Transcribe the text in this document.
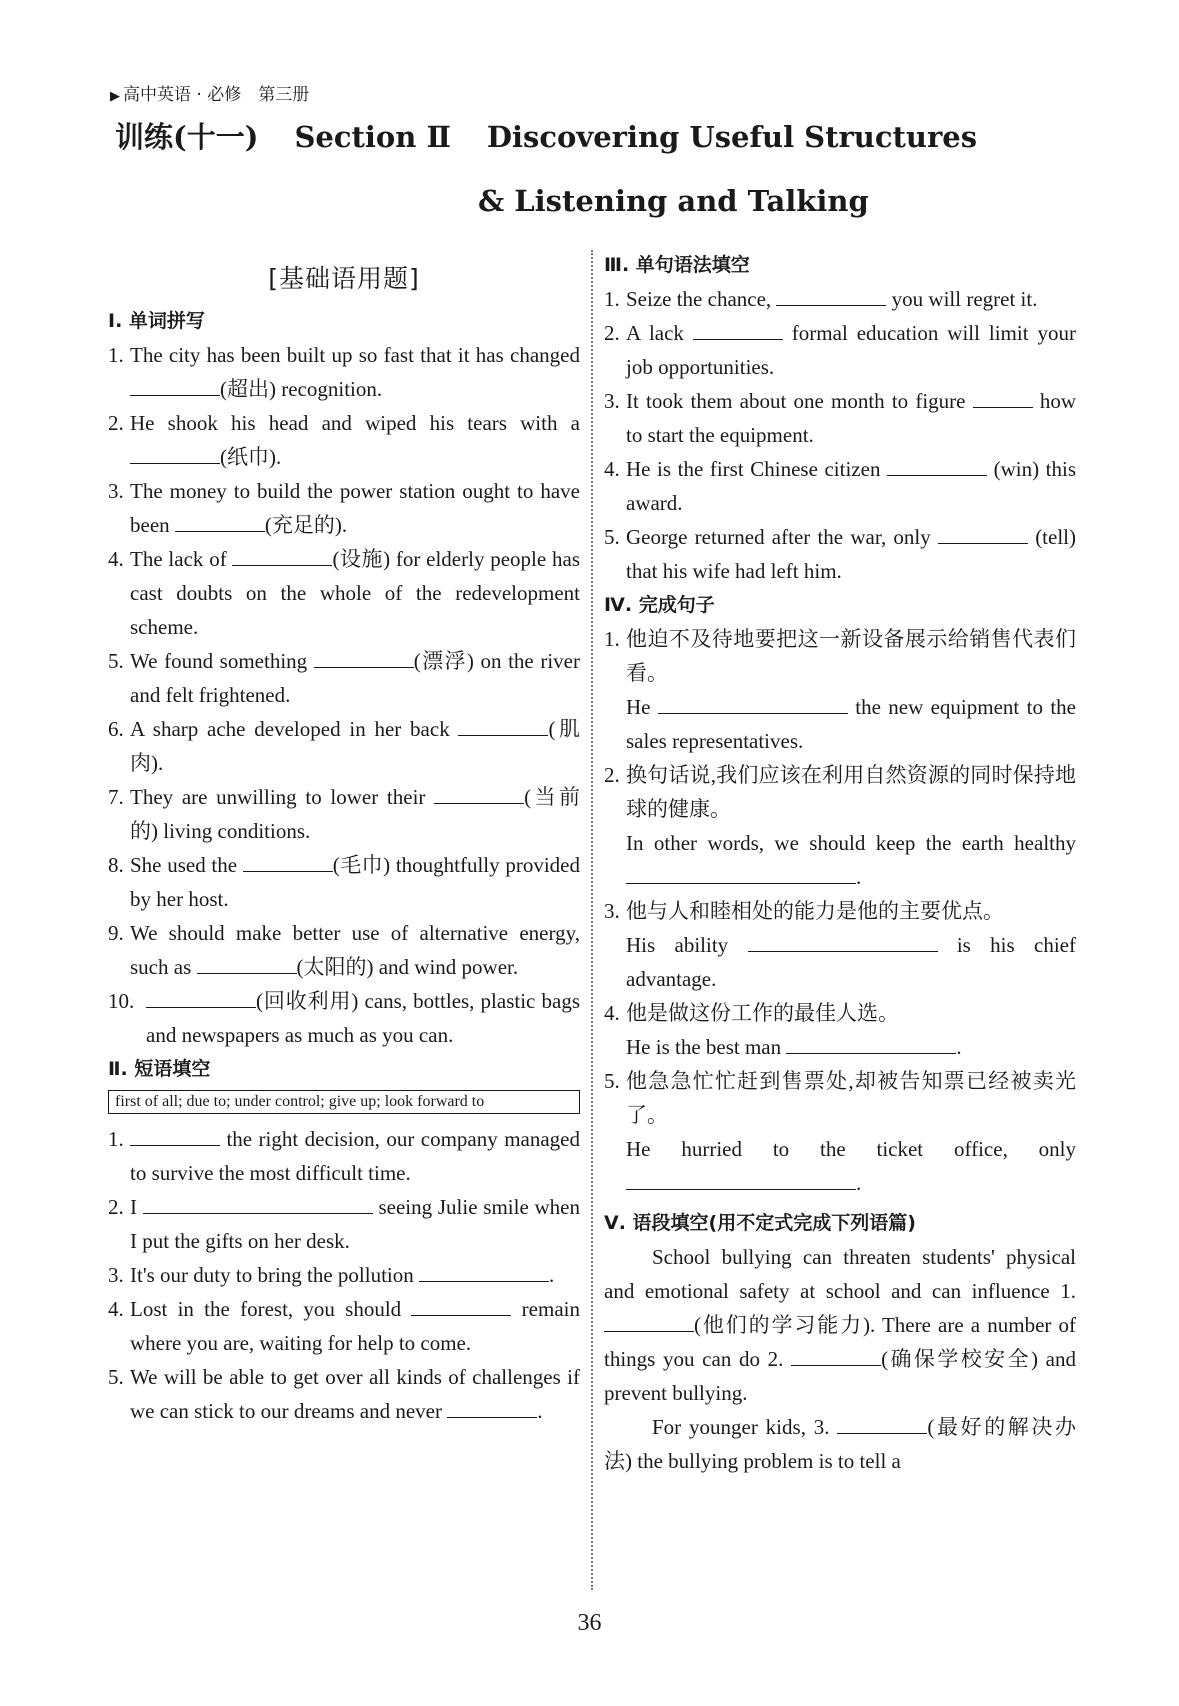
▶ 高中英语 · 必修　第三册
训练(十一) Section Ⅱ Discovering Useful Structures
& Listening and Talking
[基础语用题]
Ⅰ. 单词拼写
1. The city has been built up so fast that it has changed (超出) recognition.
2. He shook his head and wiped his tears with a (纸巾).
3. The money to build the power station ought to have been	(充足的).
4. The lack of	(设施) for elderly people has cast doubts on the whole of the redevelopment scheme.
5. We found something	(漂浮) on the river and felt frightened.
6. A sharp ache developed in her back	(肌肉).
7. They are unwilling to lower their	(当前的) living conditions.
8. She used the	(毛巾) thoughtfully provided by her host.
9. We should make better use of alternative energy, such as	(太阳的) and wind power.
10.	(回收利用) cans, bottles, plastic bags and newspapers as much as you can.
Ⅱ. 短语填空
first of all; due to; under control; give up; look forward to
1.	the right decision, our company managed to survive the most difficult time.
2. I	seeing Julie smile when I put the gifts on her desk.
3. It's our duty to bring the pollution	.
4. Lost in the forest, you should	remain where you are, waiting for help to come.
5. We will be able to get over all kinds of challenges if we can stick to our dreams and never	.
Ⅲ. 单句语法填空
1. Seize the chance,	you will regret it.
2. A lack	formal education will limit your job opportunities.
3. It took them about one month to figure	how to start the equipment.
4. He is the first Chinese citizen	(win) this award.
5. George returned after the war, only	(tell) that his wife had left him.
Ⅳ. 完成句子
1. 他迫不及待地要把这一新设备展示给销售代表们看。
He	the new equipment to the sales representatives.
2. 换句话说,我们应该在利用自然资源的同时保持地球的健康。
In other words, we should keep the earth healthy .
3. 他与人和睦相处的能力是他的主要优点。
His ability	is his chief advantage.
4. 他是做这份工作的最佳人选。
He is the best man	.
5. 他急急忙忙赶到售票处,却被告知票已经被卖光了。
He hurried to the ticket office, only .
Ⅴ. 语段填空(用不定式完成下列语篇)
School bullying can threaten students' physical and emotional safety at school and can influence 1. (他们的学习能力). There are a number of things you can do 2.	(确保学校安全) and prevent bullying.
For younger kids, 3.	(最好的解决办法) the bullying problem is to tell a
36
